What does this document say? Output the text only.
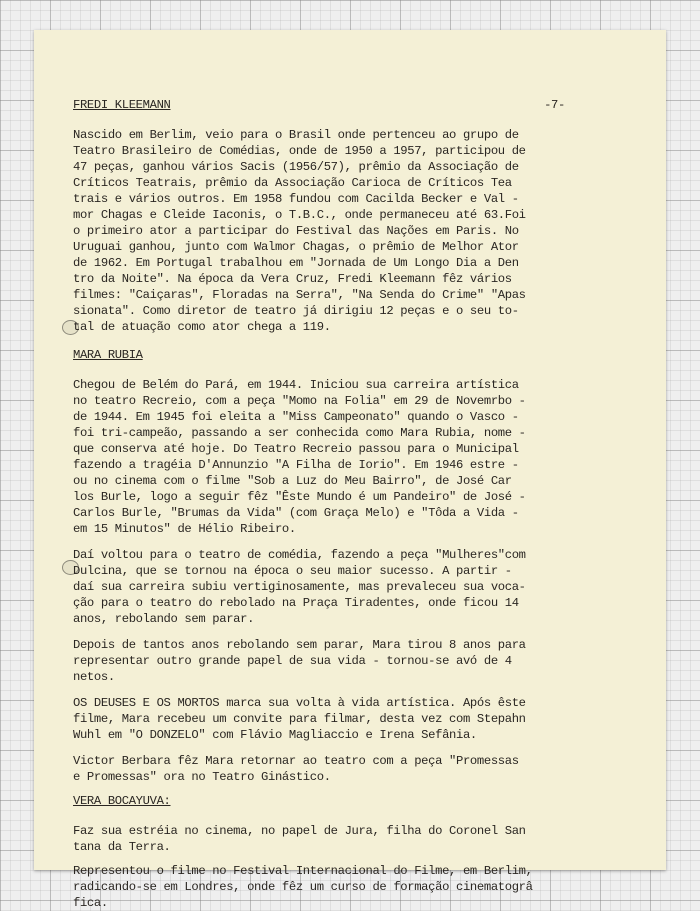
FREDI KLEEMANN	-7-
Nascido em Berlim, veio para o Brasil onde pertenceu ao grupo de
Teatro Brasileiro de Comédias, onde de 1950 a 1957, participou de
47 peças, ganhou vários Sacis (1956/57), prêmio da Associação de
Críticos Teatrais, prêmio da Associação Carioca de Críticos Tea
trais e vários outros. Em 1958 fundou com Cacilda Becker e Val -
mor Chagas e Cleide Iaconis, o T.B.C., onde permaneceu até 63.Foi
o primeiro ator a participar do Festival das Nações em Paris. No
Uruguai ganhou, junto com Walmor Chagas, o prêmio de Melhor Ator
de 1962. Em Portugal trabalhou em "Jornada de Um Longo Dia a Den
tro da Noite". Na época da Vera Cruz, Fredi Kleemann fêz vários
filmes: "Caiçaras", Floradas na Serra", "Na Senda do Crime" "Apas
sionata". Como diretor de teatro já dirigiu 12 peças e o seu to-
tal de atuação como ator chega a 119.
MARA RUBIA
Chegou de Belém do Pará, em 1944. Iniciou sua carreira artística
no teatro Recreio, com a peça "Momo na Folia" em 29 de Novemrbo -
de 1944. Em 1945 foi eleita a "Miss Campeonato" quando o Vasco -
foi tri-campeão, passando a ser conhecida como Mara Rubia, nome -
que conserva até hoje. Do Teatro Recreio passou para o Municipal
fazendo a tragéia D'Annunzio "A Filha de Iorio". Em 1946 estre -
ou no cinema com o filme "Sob a Luz do Meu Bairro", de José Car
los Burle, logo a seguir fêz "Êste Mundo é um Pandeiro" de José -
Carlos Burle, "Brumas da Vida" (com Graça Melo) e "Tôda a Vida -
em 15 Minutos" de Hélio Ribeiro.
Daí voltou para o teatro de comédia, fazendo a peça "Mulheres"com
Dulcina, que se tornou na época o seu maior sucesso. A partir -
daí sua carreira subiu vertiginosamente, mas prevaleceu sua voca-
ção para o teatro do rebolado na Praça Tiradentes, onde ficou 14
anos, rebolando sem parar.
Depois de tantos anos rebolando sem parar, Mara tirou 8 anos para
representar outro grande papel de sua vida - tornou-se avó de 4
netos.
OS DEUSES E OS MORTOS marca sua volta à vida artística. Após êste
filme, Mara recebeu um convite para filmar, desta vez com Stepahn
Wuhl em "O DONZELO" com Flávio Magliaccio e Irena Sefânia.
Victor Berbara fêz Mara retornar ao teatro com a peça "Promessas
e Promessas" ora no Teatro Ginástico.
VERA BOCAYUVA:
Faz sua estréia no cinema, no papel de Jura, filha do Coronel San
tana da Terra.
Representou o filme no Festival Internacional do Filme, em Berlim,
radicando-se em Londres, onde fêz um curso de formação cinematogrâ
fica.
